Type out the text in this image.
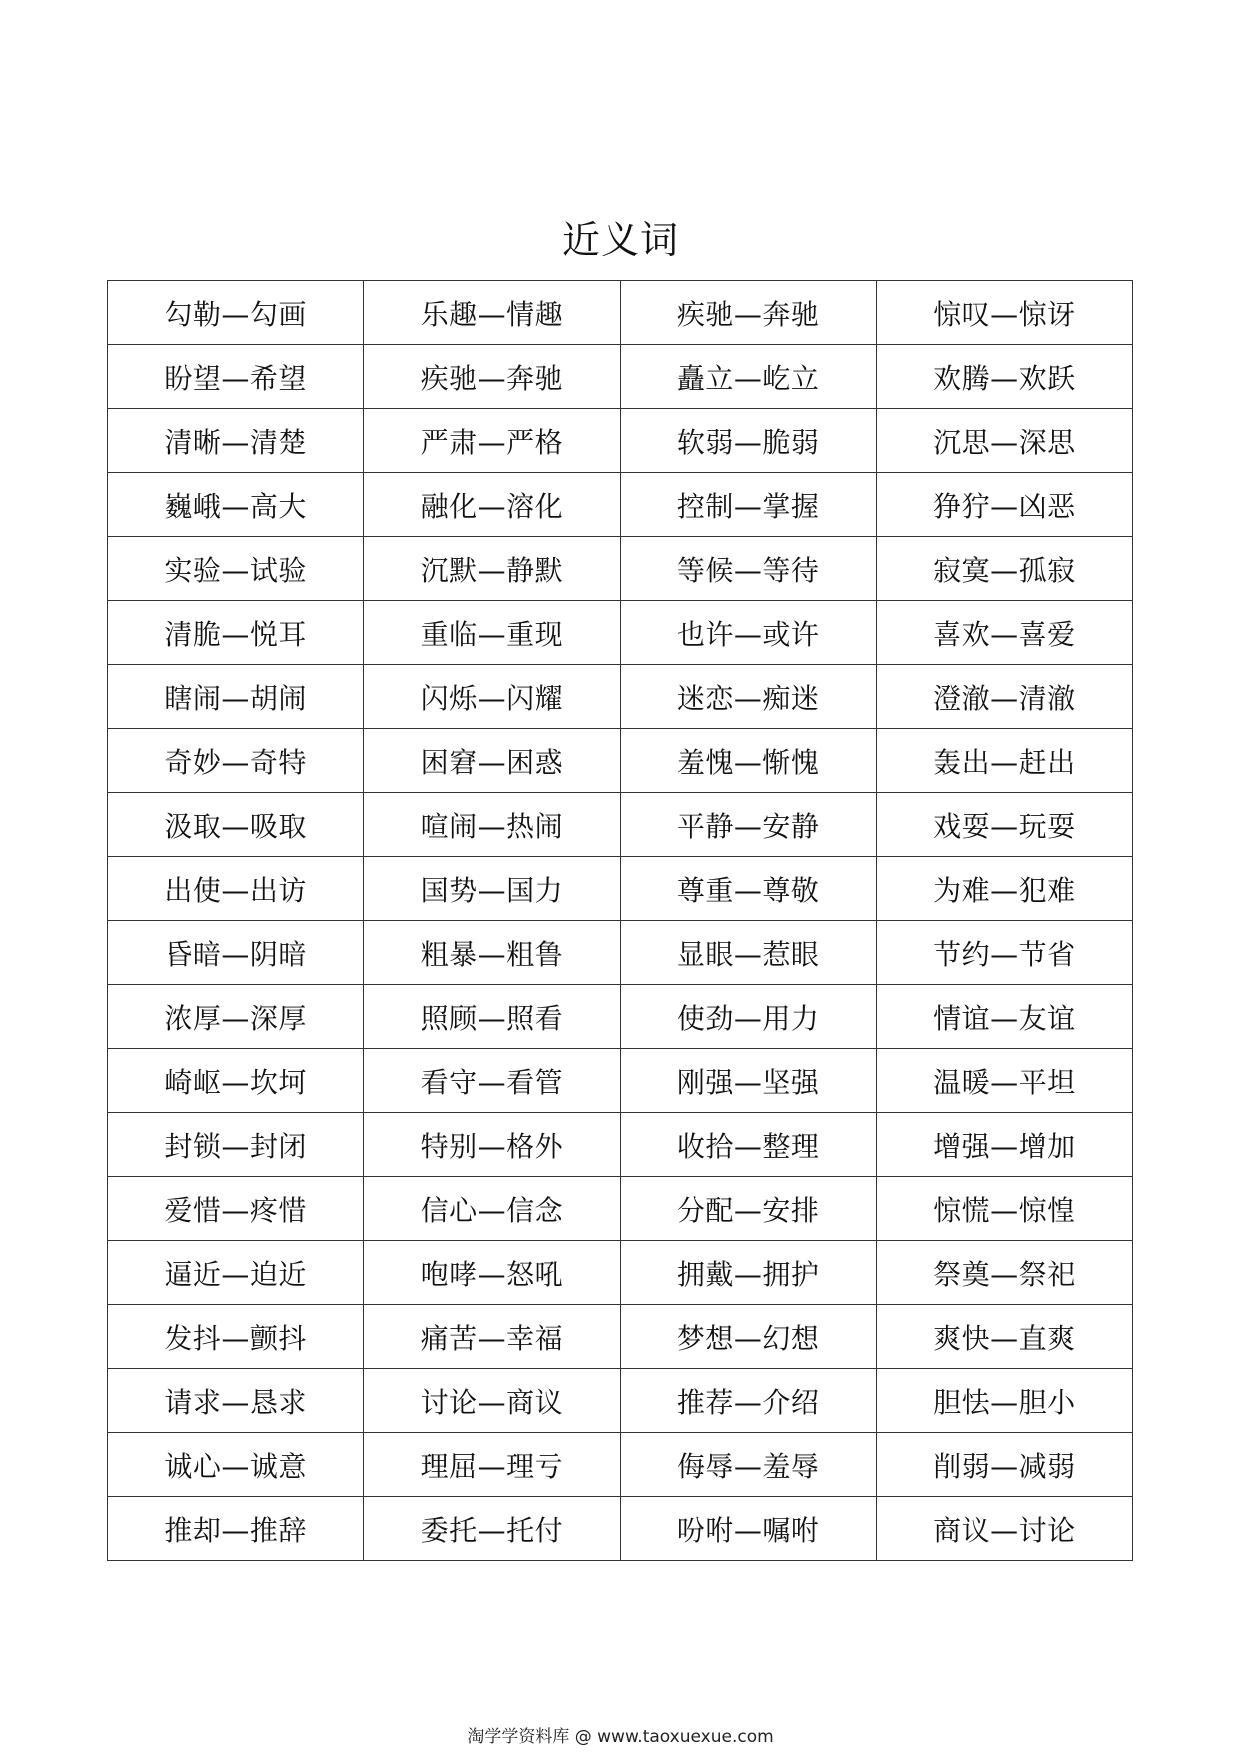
近义词
勾勒—勾画	乐趣—情趣	疾驰—奔驰	惊叹—惊讶
盼望—希望	疾驰—奔驰	矗立—屹立	欢腾—欢跃
清晰—清楚	严肃—严格	软弱—脆弱	沉思—深思
巍峨—高大	融化—溶化	控制—掌握	狰狞—凶恶
实验—试验	沉默—静默	等候—等待	寂寞—孤寂
清脆—悦耳	重临—重现	也许—或许	喜欢—喜爱
瞎闹—胡闹	闪烁—闪耀	迷恋—痴迷	澄澈—清澈
奇妙—奇特	困窘—困惑	羞愧—惭愧	轰出—赶出
汲取—吸取	喧闹—热闹	平静—安静	戏耍—玩耍
出使—出访	国势—国力	尊重—尊敬	为难—犯难
昏暗—阴暗	粗暴—粗鲁	显眼—惹眼	节约—节省
浓厚—深厚	照顾—照看	使劲—用力	情谊—友谊
崎岖—坎坷	看守—看管	刚强—坚强	温暖—平坦
封锁—封闭	特别—格外	收拾—整理	增强—增加
爱惜—疼惜	信心—信念	分配—安排	惊慌—惊惶
逼近—迫近	咆哮—怒吼	拥戴—拥护	祭奠—祭祀
发抖—颤抖	痛苦—幸福	梦想—幻想	爽快—直爽
请求—恳求	讨论—商议	推荐—介绍	胆怯—胆小
诚心—诚意	理屈—理亏	侮辱—羞辱	削弱—减弱
推却—推辞	委托—托付	吩咐—嘱咐	商议—讨论
淘学学资料库 @ www.taoxuexue.com
